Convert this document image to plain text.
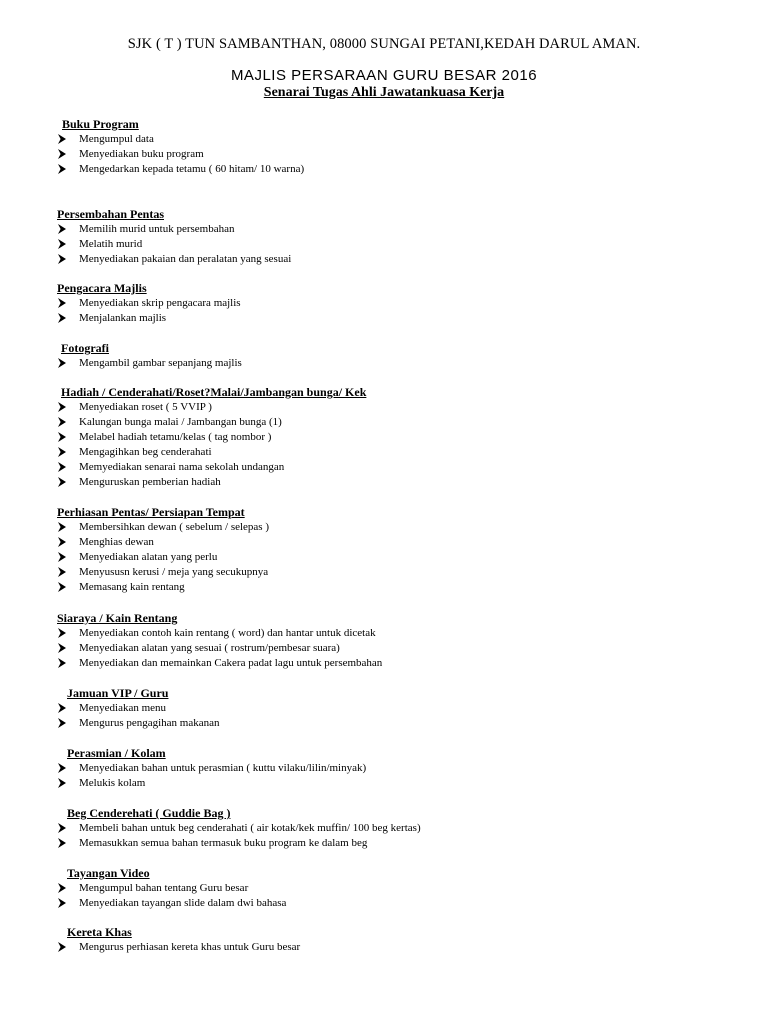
SJK ( T ) TUN SAMBANTHAN, 08000 SUNGAI PETANI,KEDAH DARUL AMAN.
MAJLIS PERSARAAN GURU BESAR 2016
Senarai Tugas Ahli Jawatankuasa Kerja
Buku Program
Mengumpul data
Menyediakan buku program
Mengedarkan kepada tetamu ( 60 hitam/ 10 warna)
Persembahan Pentas
Memilih murid untuk persembahan
Melatih murid
Menyediakan pakaian dan peralatan yang sesuai
Pengacara Majlis
Menyediakan skrip pengacara majlis
Menjalankan majlis
Fotografi
Mengambil gambar sepanjang majlis
Hadiah / Cenderahati/Roset?Malai/Jambangan bunga/ Kek
Menyediakan roset ( 5 VVIP )
Kalungan bunga malai / Jambangan bunga (1)
Melabel hadiah tetamu/kelas ( tag nombor )
Mengagihkan beg cenderahati
Memyediakan senarai nama sekolah undangan
Menguruskan pemberian hadiah
Perhiasan Pentas/ Persiapan Tempat
Membersihkan dewan ( sebelum / selepas )
Menghias dewan
Menyediakan alatan yang perlu
Menyususn kerusi / meja yang secukupnya
Memasang kain rentang
Siaraya / Kain Rentang
Menyediakan contoh kain rentang ( word) dan hantar untuk dicetak
Menyediakan alatan yang sesuai ( rostrum/pembesar suara)
Menyediakan dan memainkan Cakera padat lagu untuk persembahan
Jamuan VIP / Guru
Menyediakan menu
Mengurus pengagihan makanan
Perasmian / Kolam
Menyediakan bahan untuk perasmian ( kuttu vilaku/lilin/minyak)
Melukis kolam
Beg Cenderehati ( Guddie Bag )
Membeli bahan untuk beg cenderahati ( air kotak/kek muffin/ 100 beg kertas)
Memasukkan semua bahan termasuk buku program ke dalam beg
Tayangan Video
Mengumpul bahan tentang Guru besar
Menyediakan tayangan slide dalam dwi bahasa
Kereta Khas
Mengurus perhiasan kereta khas untuk Guru besar
